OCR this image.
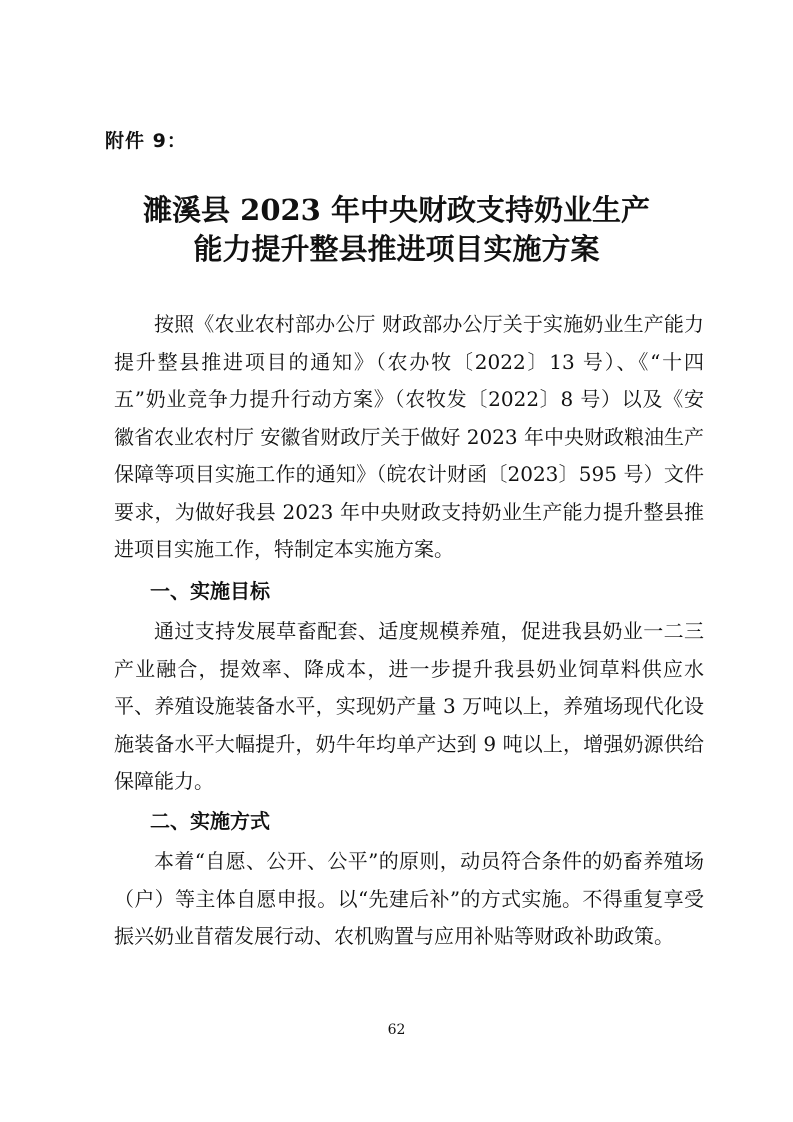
附件 9：
濉溪县 2023 年中央财政支持奶业生产
能力提升整县推进项目实施方案

按照《农业农村部办公厅 财政部办公厅关于实施奶业生产能力提升整县推进项目的通知》（农办牧〔2022〕13 号）、《“十四五”奶业竞争力提升行动方案》（农牧发〔2022〕8 号）以及《安徽省农业农村厅 安徽省财政厅关于做好 2023 年中央财政粮油生产保障等项目实施工作的通知》（皖农计财函〔2023〕595 号）文件要求，为做好我县 2023 年中央财政支持奶业生产能力提升整县推进项目实施工作，特制定本实施方案。

一、实施目标

通过支持发展草畜配套、适度规模养殖，促进我县奶业一二三产业融合，提效率、降成本，进一步提升我县奶业饲草料供应水平、养殖设施装备水平，实现奶产量 3 万吨以上，养殖场现代化设施装备水平大幅提升，奶牛年均单产达到 9 吨以上，增强奶源供给保障能力。

二、实施方式

本着“自愿、公开、公平”的原则，动员符合条件的奶畜养殖场（户）等主体自愿申报。以“先建后补”的方式实施。不得重复享受振兴奶业苜蓿发展行动、农机购置与应用补贴等财政补助政策。

62
